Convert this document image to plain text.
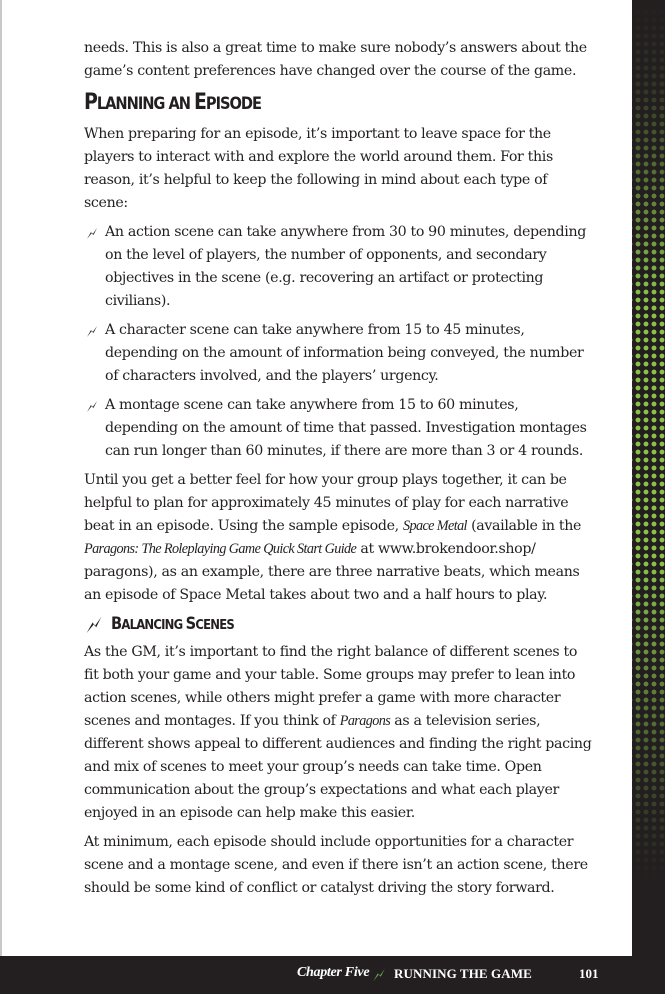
needs. This is also a great time to make sure nobody’s answers about the game’s content preferences have changed over the course of the game.

PLANNING AN EPISODE

When preparing for an episode, it’s important to leave space for the players to interact with and explore the world around them. For this reason, it’s helpful to keep the following in mind about each type of scene:

An action scene can take anywhere from 30 to 90 minutes, depending on the level of players, the number of opponents, and secondary objectives in the scene (e.g. recovering an artifact or protecting civilians).
A character scene can take anywhere from 15 to 45 minutes, depending on the amount of information being conveyed, the number of characters involved, and the players’ urgency.
A montage scene can take anywhere from 15 to 60 minutes, depending on the amount of time that passed. Investigation montages can run longer than 60 minutes, if there are more than 3 or 4 rounds.

Until you get a better feel for how your group plays together, it can be helpful to plan for approximately 45 minutes of play for each narrative beat in an episode. Using the sample episode, Space Metal (available in the Paragons: The Roleplaying Game Quick Start Guide at www.brokendoor.shop/ paragons), as an example, there are three narrative beats, which means an episode of Space Metal takes about two and a half hours to play.

BALANCING SCENES

As the GM, it’s important to find the right balance of different scenes to fit both your game and your table. Some groups may prefer to lean into action scenes, while others might prefer a game with more character scenes and montages. If you think of Paragons as a television series, different shows appeal to different audiences and finding the right pacing and mix of scenes to meet your group’s needs can take time. Open communication about the group’s expectations and what each player enjoyed in an episode can help make this easier.

At minimum, each episode should include opportunities for a character scene and a montage scene, and even if there isn’t an action scene, there should be some kind of conflict or catalyst driving the story forward.

Chapter Five RUNNING THE GAME	101
